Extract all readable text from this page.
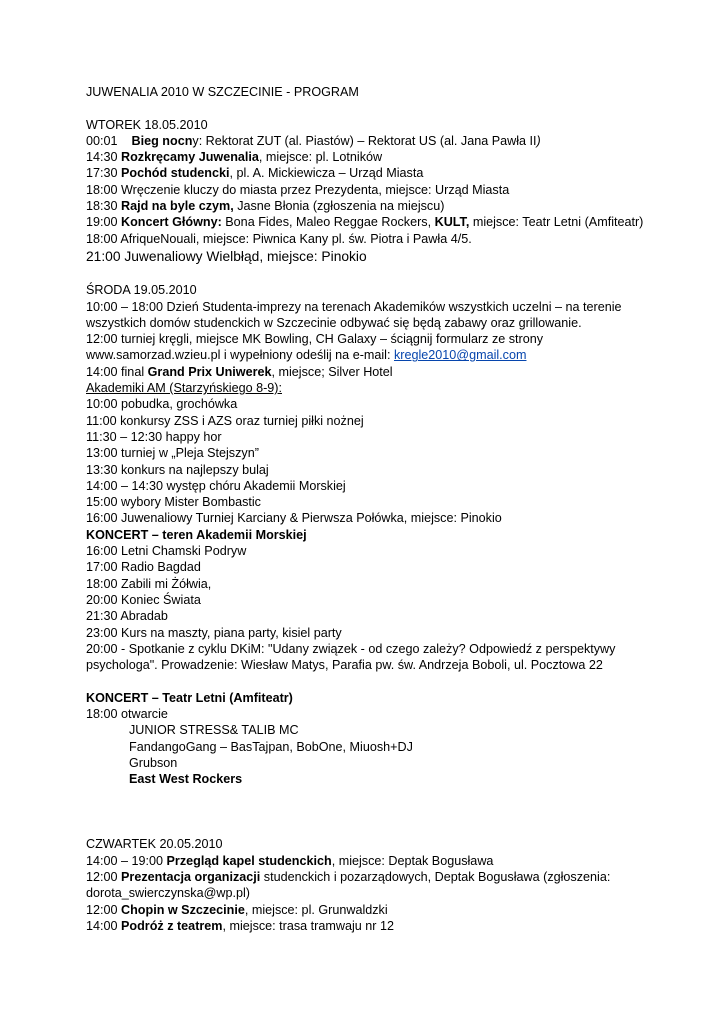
JUWENALIA 2010 W SZCZECINIE - PROGRAM
WTOREK 18.05.2010
00:01 Bieg nocny: Rektorat ZUT (al. Piastów) – Rektorat US (al. Jana Pawła II)
14:30 Rozkręcamy Juwenalia, miejsce: pl. Lotników
17:30 Pochód studencki, pl. A. Mickiewicza – Urząd Miasta
18:00 Wręczenie kluczy do miasta przez Prezydenta, miejsce: Urząd Miasta
18:30 Rajd na byle czym, Jasne Błonia (zgłoszenia na miejscu)
19:00 Koncert Główny: Bona Fides, Maleo Reggae Rockers, KULT, miejsce: Teatr Letni (Amfiteatr)
18:00 AfriqueNouali, miejsce: Piwnica Kany pl. św. Piotra i Pawła 4/5.
21:00 Juwenaliowy Wielbłąd, miejsce: Pinokio
ŚRODA 19.05.2010
10:00 – 18:00 Dzień Studenta-imprezy na terenach Akademików wszystkich uczelni – na terenie
wszystkich domów studenckich w Szczecinie odbywać się będą zabawy oraz grillowanie.
12:00 turniej kręgli, miejsce MK Bowling, CH Galaxy – ściągnij formularz ze strony
www.samorzad.wzieu.pl i wypełniony odeślij na e-mail: kregle2010@gmail.com
14:00 final Grand Prix Uniwerek, miejsce; Silver Hotel
Akademiki AM (Starzyńskiego 8-9):
10:00 pobudka, grochówka
11:00 konkursy ZSS i AZS oraz turniej piłki nożnej
11:30 – 12:30 happy hor
13:00 turniej w „Pleja Stejszyn”
13:30 konkurs na najlepszy bulaj
14:00 – 14:30 występ chóru Akademii Morskiej
15:00 wybory Mister Bombastic
16:00 Juwenaliowy Turniej Karciany & Pierwsza Połówka, miejsce: Pinokio
KONCERT – teren Akademii Morskiej
16:00 Letni Chamski Podryw
17:00 Radio Bagdad
18:00 Zabili mi Żółwia,
20:00 Koniec Świata
21:30 Abradab
23:00 Kurs na maszty, piana party, kisiel party
20:00 - Spotkanie z cyklu DKiM: "Udany związek - od czego zależy? Odpowiedź z perspektywy
psychologa". Prowadzenie: Wiesław Matys, Parafia pw. św. Andrzeja Boboli, ul. Pocztowa 22
KONCERT – Teatr Letni (Amfiteatr)
18:00 otwarcie
JUNIOR STRESS& TALIB MC
FandangoGang – BasTajpan, BobOne, Miuosh+DJ
Grubson
East West Rockers
CZWARTEK 20.05.2010
14:00 – 19:00 Przegląd kapel studenckich, miejsce: Deptak Bogusława
12:00 Prezentacja organizacji studenckich i pozarządowych, Deptak Bogusława (zgłoszenia:
dorota_swierczynska@wp.pl)
12:00 Chopin w Szczecinie, miejsce: pl. Grunwaldzki
14:00 Podróż z teatrem, miejsce: trasa tramwaju nr 12
